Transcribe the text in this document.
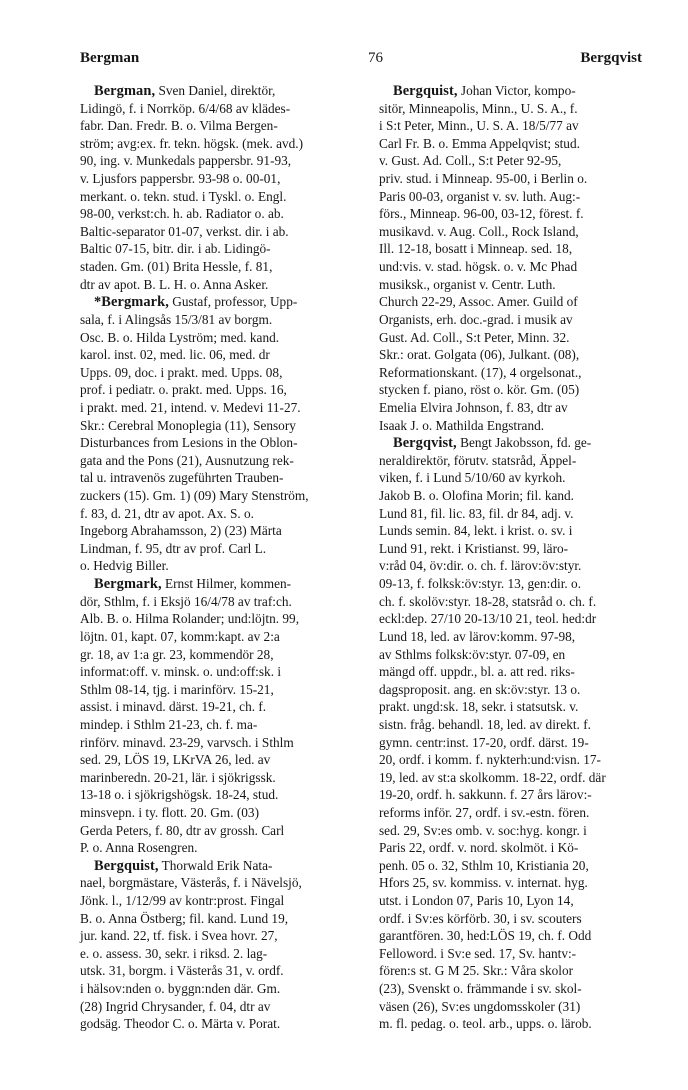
Bergman	76	Bergqvist
Bergman, Sven Daniel, direktör,
Lidingö, f. i Norrköp. 6/4/68 av klädes-
fabr. Dan. Fredr. B. o. Vilma Bergen-
ström; avg:ex. fr. tekn. högsk. (mek. avd.)
90, ing. v. Munkedals pappersbr. 91-93,
v. Ljusfors pappersbr. 93-98 o. 00-01,
merkant. o. tekn. stud. i Tyskl. o. Engl.
98-00, verkst:ch. h. ab. Radiator o. ab.
Baltic-separator 01-07, verkst. dir. i ab.
Baltic 07-15, bitr. dir. i ab. Lidingö-
staden. Gm. (01) Brita Hessle, f. 81,
dtr av apot. B. L. H. o. Anna Asker.
*Bergmark, Gustaf, professor, Upp-
sala, f. i Alingsås 15/3/81 av borgm.
Osc. B. o. Hilda Lyström; med. kand.
karol. inst. 02, med. lic. 06, med. dr
Upps. 09, doc. i prakt. med. Upps. 08,
prof. i pediatr. o. prakt. med. Upps. 16,
i prakt. med. 21, intend. v. Medevi 11-27.
Skr.: Cerebral Monoplegia (11), Sensory
Disturbances from Lesions in the Oblon-
gata and the Pons (21), Ausnutzung rek-
tal u. intravenös zugeführten Trauben-
zuckers (15). Gm. 1) (09) Mary Stenström,
f. 83, d. 21, dtr av apot. Ax. S. o.
Ingeborg Abrahamsson, 2) (23) Märta
Lindman, f. 95, dtr av prof. Carl L.
o. Hedvig Biller.
Bergmark, Ernst Hilmer, kommen-
dör, Sthlm, f. i Eksjö 16/4/78 av traf:ch.
Alb. B. o. Hilma Rolander; und:löjtn. 99,
löjtn. 01, kapt. 07, komm:kapt. av 2:a
gr. 18, av 1:a gr. 23, kommendör 28,
informat:off. v. minsk. o. und:off:sk. i
Sthlm 08-14, tjg. i marinförv. 15-21,
assist. i minavd. därst. 19-21, ch. f.
mindep. i Sthlm 21-23, ch. f. ma-
rinförv. minavd. 23-29, varvsch. i Sthlm
sed. 29, LÖS 19, LKrVA 26, led. av
marinberedn. 20-21, lär. i sjökrigssk.
13-18 o. i sjökrigshögsk. 18-24, stud.
minsvepn. i ty. flott. 20. Gm. (03)
Gerda Peters, f. 80, dtr av grossh. Carl
P. o. Anna Rosengren.
Bergquist, Thorwald Erik Nata-
nael, borgmästare, Västerås, f. i Nävelsjö,
Jönk. l., 1/12/99 av kontr:prost. Fingal
B. o. Anna Östberg; fil. kand. Lund 19,
jur. kand. 22, tf. fisk. i Svea hovr. 27,
e. o. assess. 30, sekr. i riksd. 2. lag-
utsk. 31, borgm. i Västerås 31, v. ordf.
i hälsov:nden o. byggn:nden där. Gm.
(28) Ingrid Chrysander, f. 04, dtr av
godsäg. Theodor C. o. Märta v. Porat.
Bergquist, Johan Victor, kompo-
sitör, Minneapolis, Minn., U. S. A., f.
i S:t Peter, Minn., U. S. A. 18/5/77 av
Carl Fr. B. o. Emma Appelqvist; stud.
v. Gust. Ad. Coll., S:t Peter 92-95,
priv. stud. i Minneap. 95-00, i Berlin o.
Paris 00-03, organist v. sv. luth. Aug:-
förs., Minneap. 96-00, 03-12, förest. f.
musikavd. v. Aug. Coll., Rock Island,
Ill. 12-18, bosatt i Minneap. sed. 18,
und:vis. v. stad. högsk. o. v. Mc Phad
musiksk., organist v. Centr. Luth.
Church 22-29, Assoc. Amer. Guild of
Organists, erh. doc.-grad. i musik av
Gust. Ad. Coll., S:t Peter, Minn. 32.
Skr.: orat. Golgata (06), Julkant. (08),
Reformationskant. (17), 4 orgelsonat.,
stycken f. piano, röst o. kör. Gm. (05)
Emelia Elvira Johnson, f. 83, dtr av
Isaak J. o. Mathilda Engstrand.
Bergqvist, Bengt Jakobsson, fd. ge-
neraldirektör, förutv. statsråd, Äppel-
viken, f. i Lund 5/10/60 av kyrkoh.
Jakob B. o. Olofina Morin; fil. kand.
Lund 81, fil. lic. 83, fil. dr 84, adj. v.
Lunds semin. 84, lekt. i krist. o. sv. i
Lund 91, rekt. i Kristianst. 99, läro-
v:råd 04, öv:dir. o. ch. f. lärov:öv:styr.
09-13, f. folksk:öv:styr. 13, gen:dir. o.
ch. f. skolöv:styr. 18-28, statsråd o. ch. f.
eckl:dep. 27/10 20-13/10 21, teol. hed:dr
Lund 18, led. av lärov:komm. 97-98,
av Sthlms folksk:öv:styr. 07-09, en
mängd off. uppdr., bl. a. att red. riks-
dagsproposit. ang. en sk:öv:styr. 13 o.
prakt. ungd:sk. 18, sekr. i statsutsk. v.
sistn. fråg. behandl. 18, led. av direkt. f.
gymn. centr:inst. 17-20, ordf. därst. 19-
20, ordf. i komm. f. nykterh:und:visn. 17-
19, led. av st:a skolkomm. 18-22, ordf. där
19-20, ordf. h. sakkunn. f. 27 års lärov:-
reforms inför. 27, ordf. i sv.-estn. fören.
sed. 29, Sv:es omb. v. soc:hyg. kongr. i
Paris 22, ordf. v. nord. skolmöt. i Kö-
penh. 05 o. 32, Sthlm 10, Kristiania 20,
Hfors 25, sv. kommiss. v. internat. hyg.
utst. i London 07, Paris 10, Lyon 14,
ordf. i Sv:es körförb. 30, i sv. scouters
garantfören. 30, hed:LÖS 19, ch. f. Odd
Felloword. i Sv:e sed. 17, Sv. hantv:-
fören:s st. G M 25. Skr.: Våra skolor
(23), Svenskt o. främmande i sv. skol-
väsen (26), Sv:es ungdomsskoler (31)
m. fl. pedag. o. teol. arb., upps. o. lärob.
